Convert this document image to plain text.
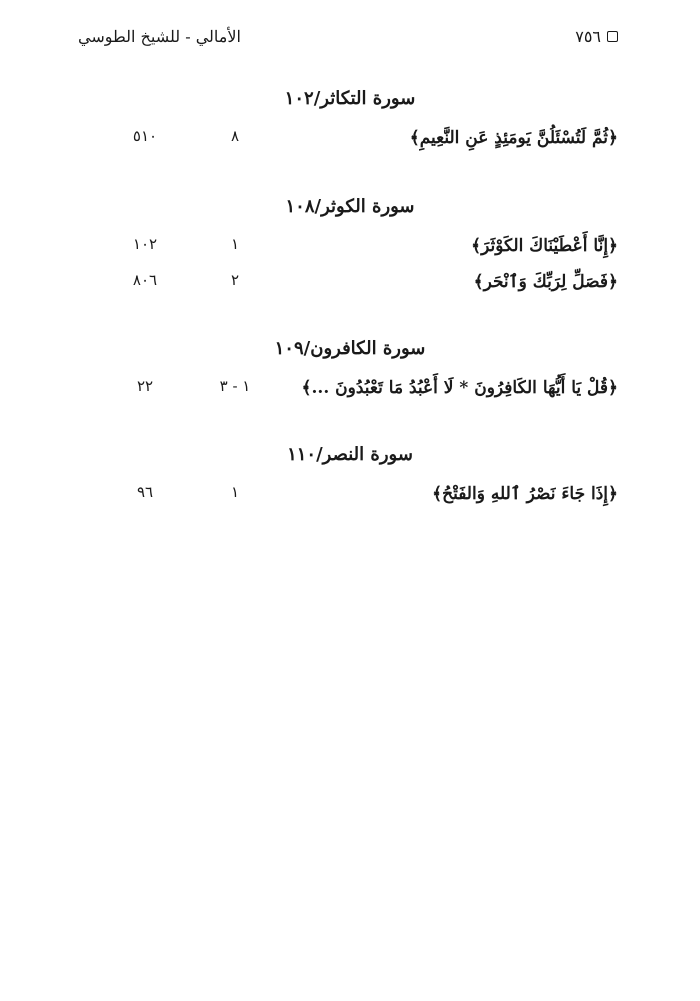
٧٥٦
الأمالي - للشيخ الطوسي
سورة التكاثر/١٠٢
﴿ثُمَّ لَتُسْئَلُنَّ يَومَئِذٍ عَنِ النَّعِيمِ﴾
٨
٥١٠
سورة الكوثر/١٠٨
﴿إِنَّا أَعْطَيْنَاكَ الكَوْثَرَ﴾
١
١٠٢
﴿فَصَلِّ لِرَبِّكَ وَٱنْحَر﴾
٢
٨٠٦
سورة الكافرون/١٠٩
﴿قُلْ يَا أَيُّهَا الكَافِرُونَ * لَا أَعْبُدُ مَا تَعْبُدُونَ ...﴾
١ - ٣
٢٢
سورة النصر/١١٠
﴿إِذَا جَاءَ نَصْرُ ٱللهِ وَالفَتْحُ﴾
١
٩٦
